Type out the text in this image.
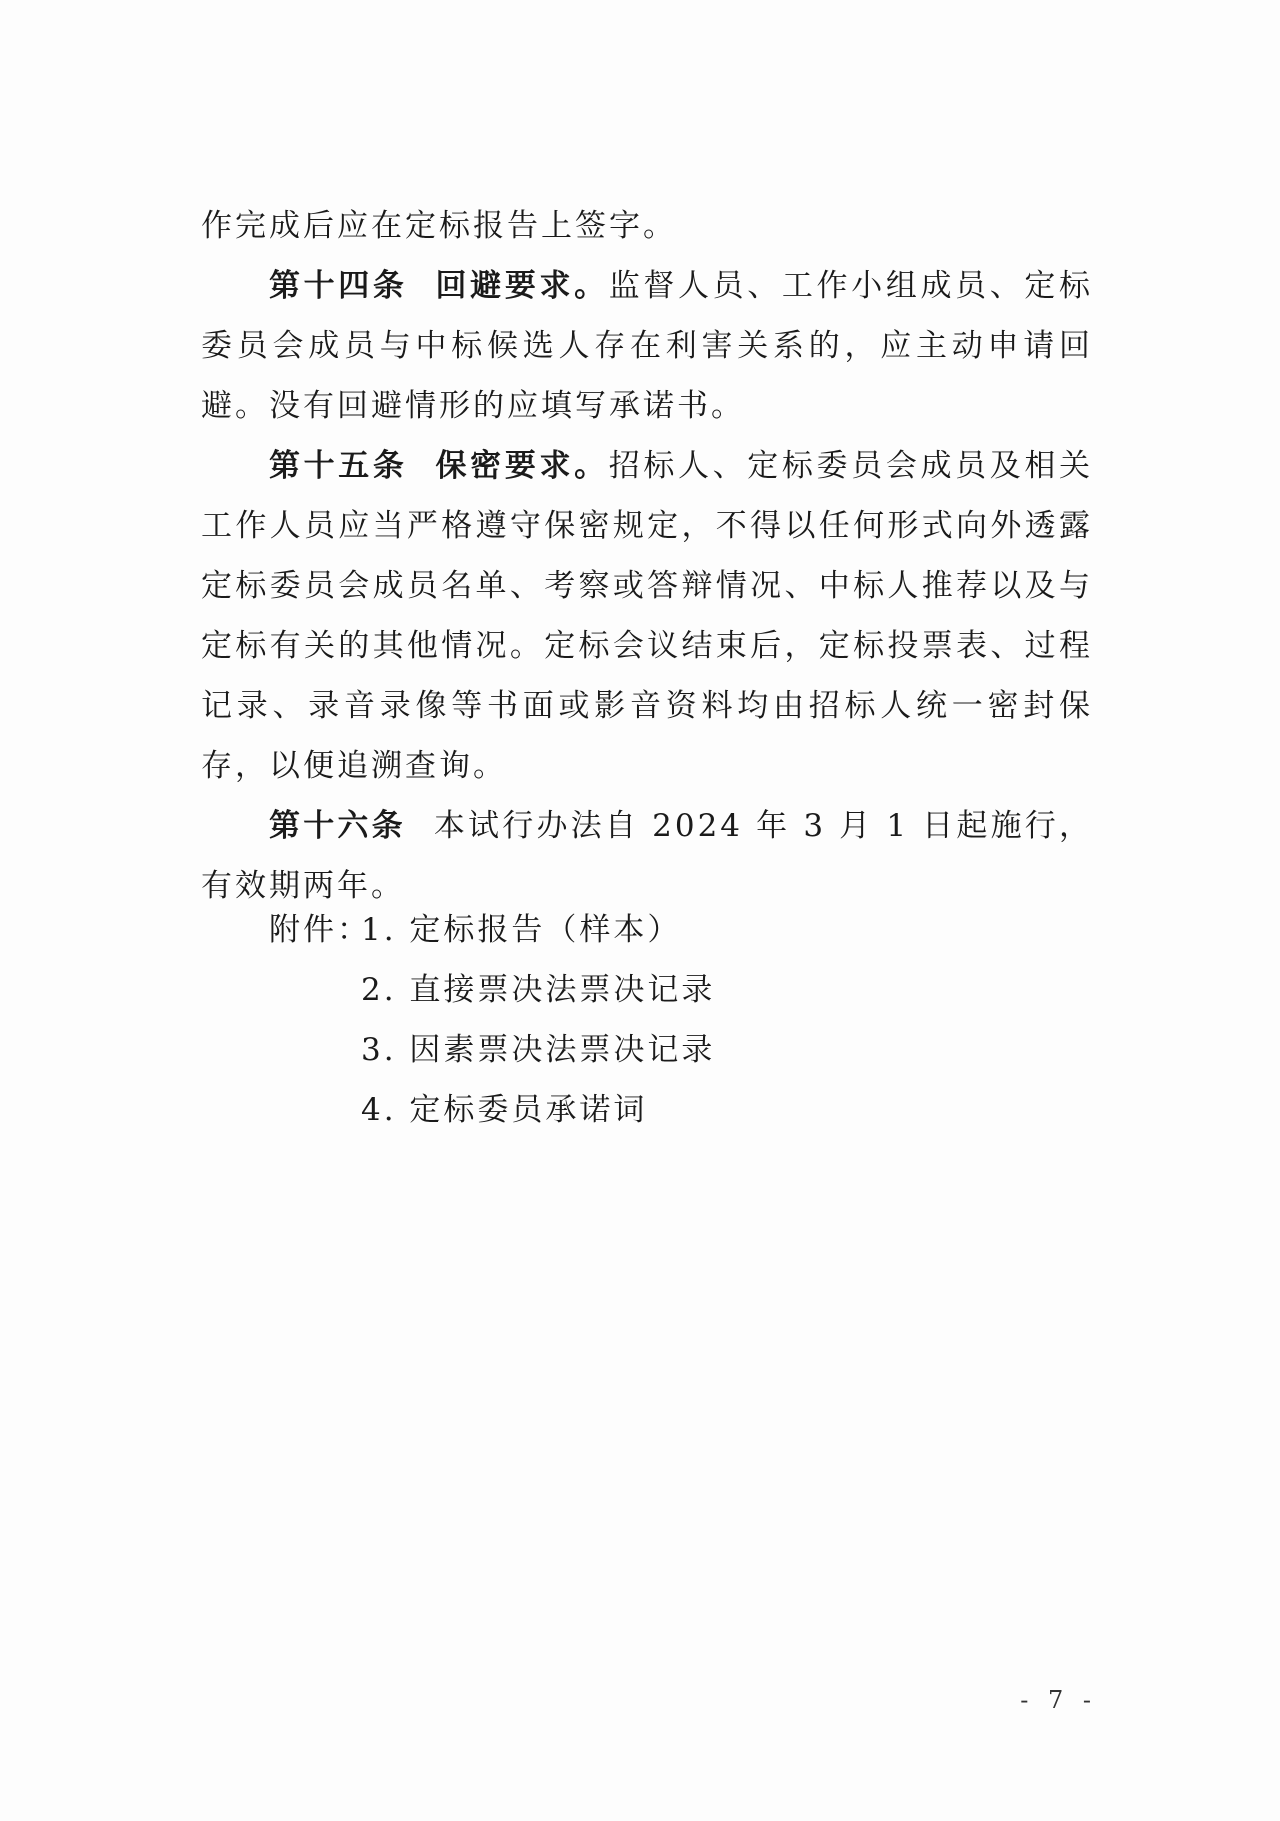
作完成后应在定标报告上签字。

第十四条 回避要求。监督人员、工作小组成员、定标委员会成员与中标候选人存在利害关系的，应主动申请回避。没有回避情形的应填写承诺书。

第十五条 保密要求。招标人、定标委员会成员及相关工作人员应当严格遵守保密规定，不得以任何形式向外透露定标委员会成员名单、考察或答辩情况、中标人推荐以及与定标有关的其他情况。定标会议结束后，定标投票表、过程记录、录音录像等书面或影音资料均由招标人统一密封保存，以便追溯查询。

第十六条 本试行办法自 2024 年 3 月 1 日起施行，有效期两年。

附件：
1. 定标报告（样本）
2. 直接票决法票决记录
3. 因素票决法票决记录
4. 定标委员承诺词
- 7 -
